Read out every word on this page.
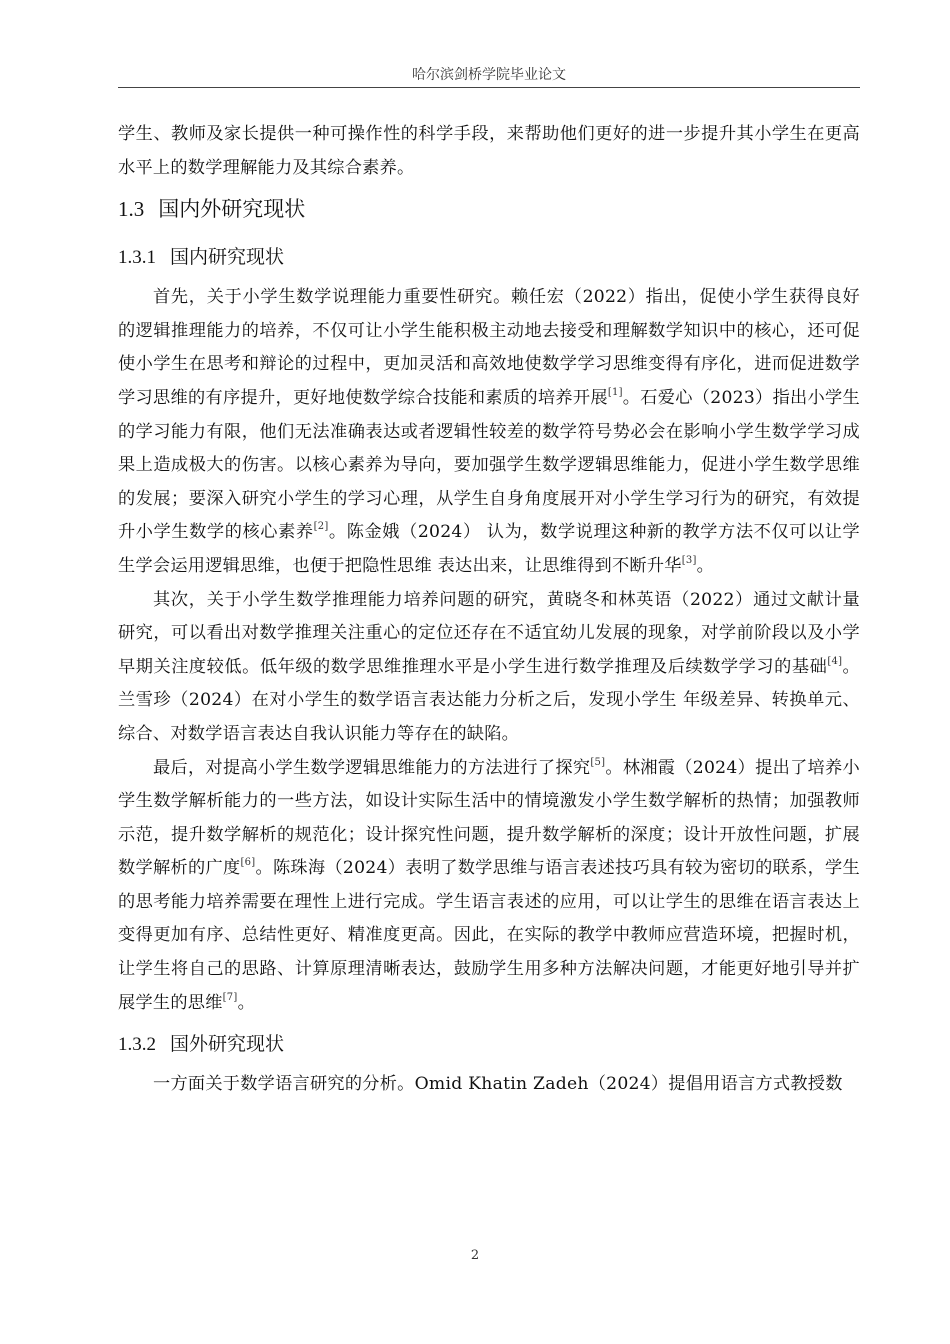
哈尔滨剑桥学院毕业论文

学生、教师及家长提供一种可操作性的科学手段，来帮助他们更好的进一步提升其小学生在更高水平上的数学理解能力及其综合素养。

1.3 国内外研究现状
1.3.1 国内研究现状

首先，关于小学生数学说理能力重要性研究。赖任宏（2022）指出，促使小学生获得良好的逻辑推理能力的培养，不仅可让小学生能积极主动地去接受和理解数学知识中的核心，还可促使小学生在思考和辩论的过程中，更加灵活和高效地使数学学习思维变得有序化，进而促进数学学习思维的有序提升，更好地使数学综合技能和素质的培养开展[1]。石爱心（2023）指出小学生的学习能力有限，他们无法准确表达或者逻辑性较差的数学符号势必会在影响小学生数学学习成果上造成极大的伤害。以核心素养为导向，要加强学生数学逻辑思维能力，促进小学生数学思维的发展；要深入研究小学生的学习心理，从学生自身角度展开对小学生学习行为的研究，有效提升小学生数学的核心素养[2]。陈金娥（2024） 认为，数学说理这种新的教学方法不仅可以让学生学会运用逻辑思维，也便于把隐性思维 表达出来，让思维得到不断升华[3]。

其次，关于小学生数学推理能力培养问题的研究，黄晓冬和林英语（2022）通过文献计量研究，可以看出对数学推理关注重心的定位还存在不适宜幼儿发展的现象，对学前阶段以及小学早期关注度较低。低年级的数学思维推理水平是小学生进行数学推理及后续数学学习的基础[4]。兰雪珍（2024）在对小学生的数学语言表达能力分析之后，发现小学生 年级差异、转换单元、综合、对数学语言表达自我认识能力等存在的缺陷。

最后，对提高小学生数学逻辑思维能力的方法进行了探究[5]。林湘霞（2024）提出了培养小学生数学解析能力的一些方法，如设计实际生活中的情境激发小学生数学解析的热情；加强教师示范，提升数学解析的规范化；设计探究性问题，提升数学解析的深度；设计开放性问题，扩展数学解析的广度[6]。陈珠海（2024）表明了数学思维与语言表述技巧具有较为密切的联系，学生的思考能力培养需要在理性上进行完成。学生语言表述的应用，可以让学生的思维在语言表达上变得更加有序、总结性更好、精准度更高。因此，在实际的教学中教师应营造环境，把握时机，让学生将自己的思路、计算原理清晰表达，鼓励学生用多种方法解决问题，才能更好地引导并扩展学生的思维[7]。

1.3.2 国外研究现状

一方面关于数学语言研究的分析。Omid Khatin Zadeh（2024）提倡用语言方式教授数

2
